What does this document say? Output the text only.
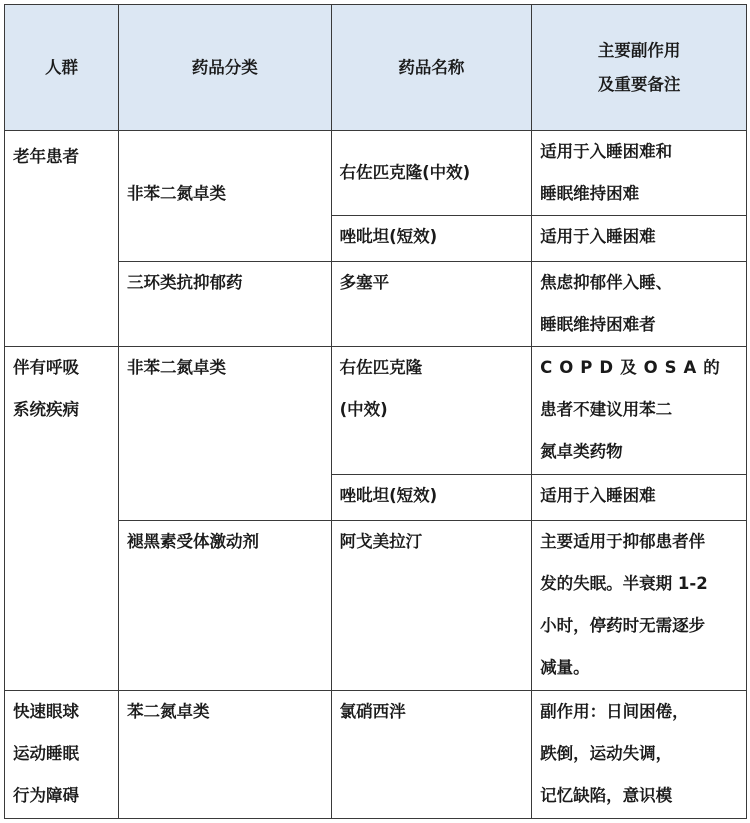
人群	药品分类	药品名称	主要副作用
及重要备注

老年患者	非苯二氮卓类	右佐匹克隆(中效)	适用于入睡困难和
睡眠维持困难

		唑吡坦(短效)	适用于入睡困难

	三环类抗抑郁药	多塞平	焦虑抑郁伴入睡、
睡眠维持困难者

伴有呼吸
系统疾病	非苯二氮卓类	右佐匹克隆
(中效)	COPD及OSA的
患者不建议用苯二
氮卓类药物

		唑吡坦(短效)	适用于入睡困难

	褪黑素受体激动剂	阿戈美拉汀	主要适用于抑郁患者伴
发的失眠。半衰期 1-2
小时，停药时无需逐步
减量。

快速眼球
运动睡眠
行为障碍	苯二氮卓类	氯硝西泮	副作用：日间困倦，
跌倒，运动失调，
记忆缺陷，意识模
